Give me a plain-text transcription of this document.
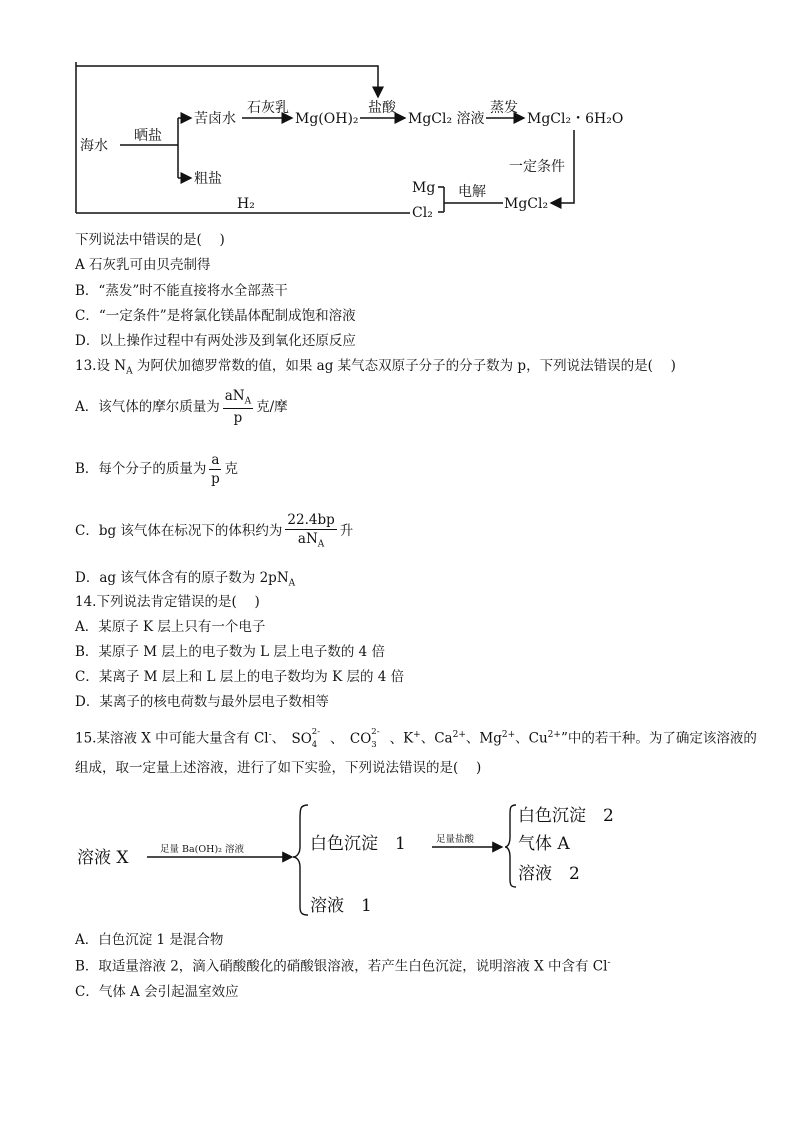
海水
晒盐
苦卤水
石灰乳
Mg(OH)₂
盐酸
MgCl₂ 溶液
蒸发
MgCl₂・6H₂O
粗盐
一定条件
H₂
Mg
Cl₂
电解
MgCl₂
下列说法中错误的是(　 )
A 石灰乳可由贝壳制得
B．“蒸发”时不能直接将水全部蒸干
C．“一定条件”是将氯化镁晶体配制成饱和溶液
D．以上操作过程中有两处涉及到氧化还原反应
13.设 $N_A$ 为阿伏加德罗常数的值，如果 ag 某气态双原子分子的分子数为 p，下列说法错误的是(　 )
A．该气体的摩尔质量为 $\frac{aN_A}{p}$ 克/摩
B．每个分子的质量为 $\frac{a}{p}$ 克
C．bg 该气体在标况下的体积约为 $\frac{22.4bp}{aN_A}$ 升
D．ag 该气体含有的原子数为 $2pN_A$
14.下列说法肯定错误的是(　 )
A．某原子 K 层上只有一个电子
B．某原子 M 层上的电子数为 L 层上电子数的 4 倍
C．某离子 M 层上和 L 层上的电子数均为 K 层的 4 倍
D．某离子的核电荷数与最外层电子数相等
15.某溶液 X 中可能大量含有 Cl-、 SO 2-
4 、 CO 2-
3 、K+、$Ca^{2+}$、$Mg^{2+}$、$Cu^{2+}$”中的若干种。为了确定该溶液的
组成，取一定量上述溶液，进行了如下实验，下列说法错误的是(　 )
溶液 X
白色沉淀　1
溶液　1
白色沉淀　2
气体 A
溶液　2
足量 Ba(OH)₂ 溶液
足量盐酸
A．白色沉淀 1 是混合物
B．取适量溶液 2，滴入硝酸酸化的硝酸银溶液，若产生白色沉淀，说明溶液 X 中含有 Cl-
C．气体 A 会引起温室效应
